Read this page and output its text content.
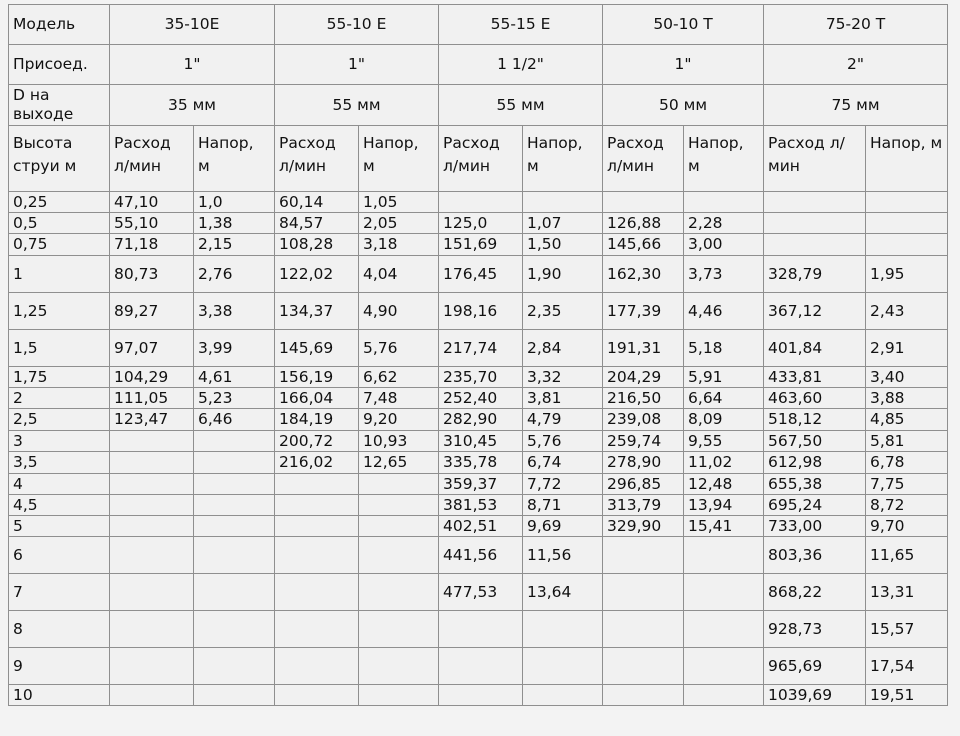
Модель	35-10E		55-10 E		55-15 E		50-10 T		75-20 T	
Присоед.	1"		1"		1 1/2"		1"		2"	
D на выходе	35 мм		55 мм		55 мм		50 мм		75 мм	
Высота струи м	Расход л/мин	Напор, м	Расход л/мин	Напор, м	Расход л/мин	Напор, м	Расход л/мин	Напор, м	Расход л/мин	Напор, м
0,25	47,10	1,0	60,14	1,05						
0,5	55,10	1,38	84,57	2,05	125,0	1,07	126,88	2,28		
0,75	71,18	2,15	108,28	3,18	151,69	1,50	145,66	3,00		
1	80,73	2,76	122,02	4,04	176,45	1,90	162,30	3,73	328,79	1,95
1,25	89,27	3,38	134,37	4,90	198,16	2,35	177,39	4,46	367,12	2,43
1,5	97,07	3,99	145,69	5,76	217,74	2,84	191,31	5,18	401,84	2,91
1,75	104,29	4,61	156,19	6,62	235,70	3,32	204,29	5,91	433,81	3,40
2	111,05	5,23	166,04	7,48	252,40	3,81	216,50	6,64	463,60	3,88
2,5	123,47	6,46	184,19	9,20	282,90	4,79	239,08	8,09	518,12	4,85
3			200,72	10,93	310,45	5,76	259,74	9,55	567,50	5,81
3,5			216,02	12,65	335,78	6,74	278,90	11,02	612,98	6,78
4					359,37	7,72	296,85	12,48	655,38	7,75
4,5					381,53	8,71	313,79	13,94	695,24	8,72
5					402,51	9,69	329,90	15,41	733,00	9,70
6					441,56	11,56			803,36	11,65
7					477,53	13,64			868,22	13,31
8									928,73	15,57
9									965,69	17,54
10									1039,69	19,51
